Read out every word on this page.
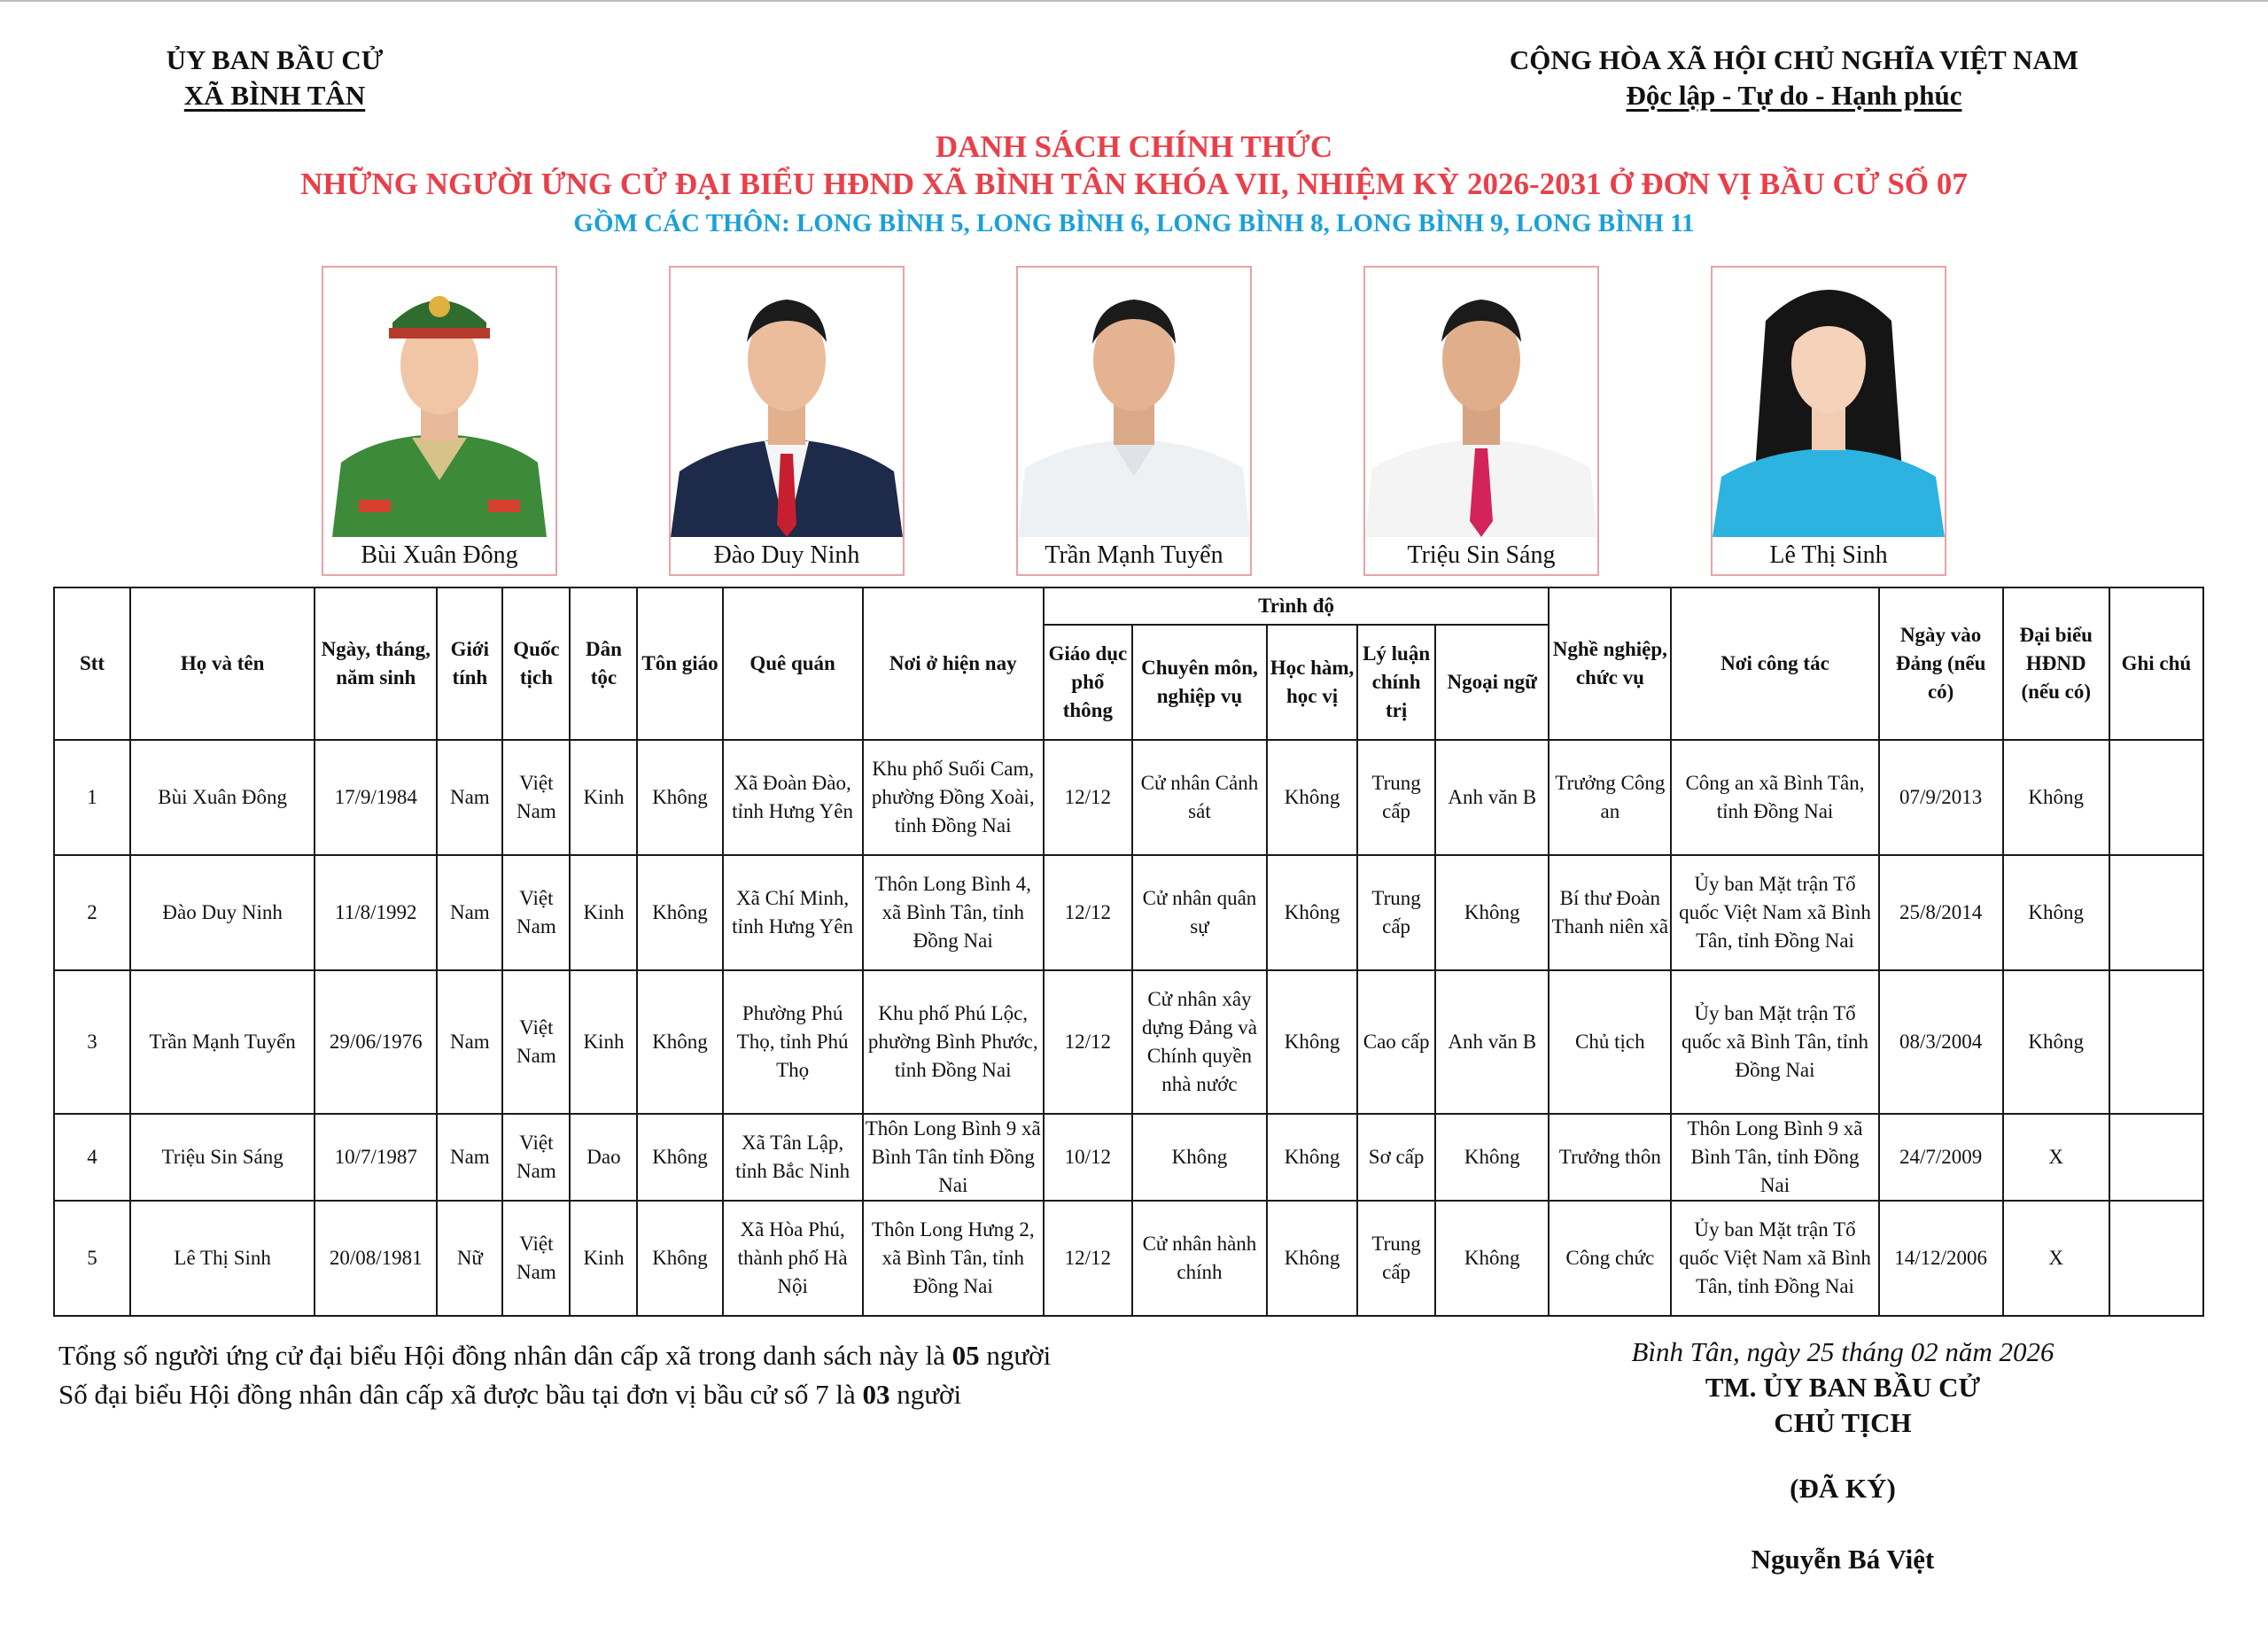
ỦY BAN BẦU CỬ
XÃ BÌNH TÂN
CỘNG HÒA XÃ HỘI CHỦ NGHĨA VIỆT NAM
Độc lập - Tự do - Hạnh phúc
DANH SÁCH CHÍNH THỨC
NHỮNG NGƯỜI ỨNG CỬ ĐẠI BIỂU HĐND XÃ BÌNH TÂN KHÓA VII, NHIỆM KỲ 2026-2031 Ở ĐƠN VỊ BẦU CỬ SỐ 07
GỒM CÁC THÔN: LONG BÌNH 5, LONG BÌNH 6, LONG BÌNH 8, LONG BÌNH 9, LONG BÌNH 11
Bùi Xuân Đông	Đào Duy Ninh	Trần Mạnh Tuyển	Triệu Sin Sáng	Lê Thị Sinh
Stt	Họ và tên	Ngày, tháng, năm sinh	Giới tính	Quốc tịch	Dân tộc	Tôn giáo	Quê quán	Nơi ở hiện nay	Trình độ					Nghề nghiệp, chức vụ	Nơi công tác	Ngày vào Đảng (nếu có)	Đại biểu HĐND (nếu có)	Ghi chú
									Giáo dục phổ thông	Chuyên môn, nghiệp vụ	Học hàm, học vị	Lý luận chính trị	Ngoại ngữ					
1	Bùi Xuân Đông	17/9/1984	Nam	Việt Nam	Kinh	Không	Xã Đoàn Đào, tỉnh Hưng Yên	Khu phố Suối Cam, phường Đồng Xoài, tỉnh Đồng Nai	12/12	Cử nhân Cảnh sát	Không	Trung cấp	Anh văn B	Trưởng Công an	Công an xã Bình Tân, tỉnh Đồng Nai	07/9/2013	Không	
2	Đào Duy Ninh	11/8/1992	Nam	Việt Nam	Kinh	Không	Xã Chí Minh, tỉnh Hưng Yên	Thôn Long Bình 4, xã Bình Tân, tỉnh Đồng Nai	12/12	Cử nhân quân sự	Không	Trung cấp	Không	Bí thư Đoàn Thanh niên xã	Ủy ban Mặt trận Tổ quốc Việt Nam xã Bình Tân, tỉnh Đồng Nai	25/8/2014	Không	
3	Trần Mạnh Tuyển	29/06/1976	Nam	Việt Nam	Kinh	Không	Phường Phú Thọ, tỉnh Phú Thọ	Khu phố Phú Lộc, phường Bình Phước, tỉnh Đồng Nai	12/12	Cử nhân xây dựng Đảng và Chính quyền nhà nước	Không	Cao cấp	Anh văn B	Chủ tịch	Ủy ban Mặt trận Tổ quốc xã Bình Tân, tỉnh Đồng Nai	08/3/2004	Không	
4	Triệu Sin Sáng	10/7/1987	Nam	Việt Nam	Dao	Không	Xã Tân Lập, tỉnh Bắc Ninh	Thôn Long Bình 9 xã Bình Tân tỉnh Đồng Nai	10/12	Không	Không	Sơ cấp	Không	Trưởng thôn	Thôn Long Bình 9 xã Bình Tân, tỉnh Đồng Nai	24/7/2009	X	
5	Lê Thị Sinh	20/08/1981	Nữ	Việt Nam	Kinh	Không	Xã Hòa Phú, thành phố Hà Nội	Thôn Long Hưng 2, xã Bình Tân, tỉnh Đồng Nai	12/12	Cử nhân hành chính	Không	Trung cấp	Không	Công chức	Ủy ban Mặt trận Tổ quốc Việt Nam xã Bình Tân, tỉnh Đồng Nai	14/12/2006	X	
Tổng số người ứng cử đại biểu Hội đồng nhân dân cấp xã trong danh sách này là 05 người
Số đại biểu Hội đồng nhân dân cấp xã được bầu tại đơn vị bầu cử số 7 là 03 người
Bình Tân, ngày 25 tháng 02 năm 2026
TM. ỦY BAN BẦU CỬ
CHỦ TỊCH
(ĐÃ KÝ)
Nguyễn Bá Việt
